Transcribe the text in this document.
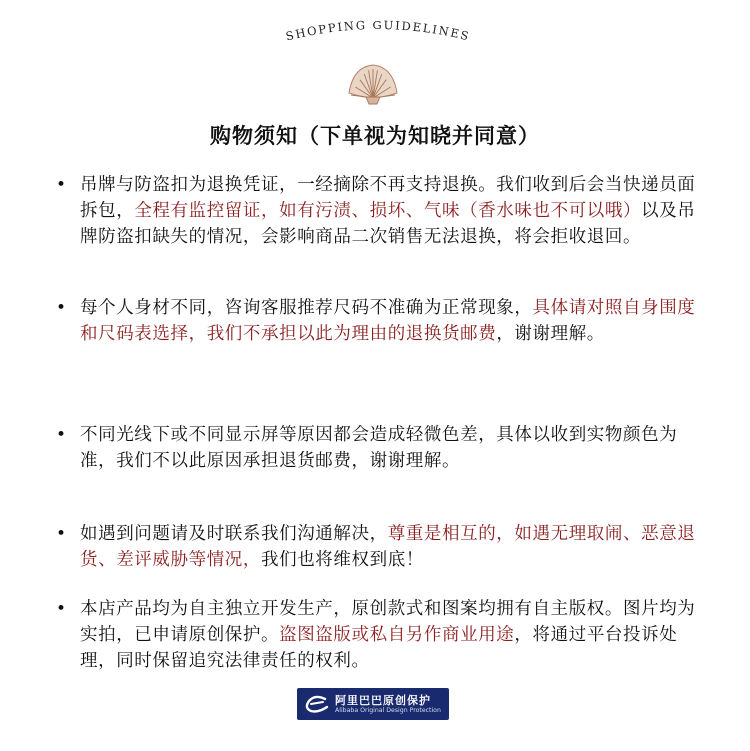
SHOPPING GUIDELINES
购物须知（下单视为知晓并同意）
• 吊牌与防盗扣为退换凭证，一经摘除不再支持退换。我们收到后会当快递员面拆包，全程有监控留证，如有污渍、损坏、气味（香水味也不可以哦）以及吊牌防盗扣缺失的情况，会影响商品二次销售无法退换，将会拒收退回。
• 每个人身材不同，咨询客服推荐尺码不准确为正常现象，具体请对照自身围度和尺码表选择，我们不承担以此为理由的退换货邮费，谢谢理解。
• 不同光线下或不同显示屏等原因都会造成轻微色差，具体以收到实物颜色为准，我们不以此原因承担退货邮费，谢谢理解。
• 如遇到问题请及时联系我们沟通解决，尊重是相互的，如遇无理取闹、恶意退货、差评威胁等情况，我们也将维权到底！
• 本店产品均为自主独立开发生产，原创款式和图案均拥有自主版权。图片均为实拍，已申请原创保护。盗图盗版或私自另作商业用途，将通过平台投诉处理，同时保留追究法律责任的权利。
阿里巴巴原创保护
Alibaba Original Design Protection
